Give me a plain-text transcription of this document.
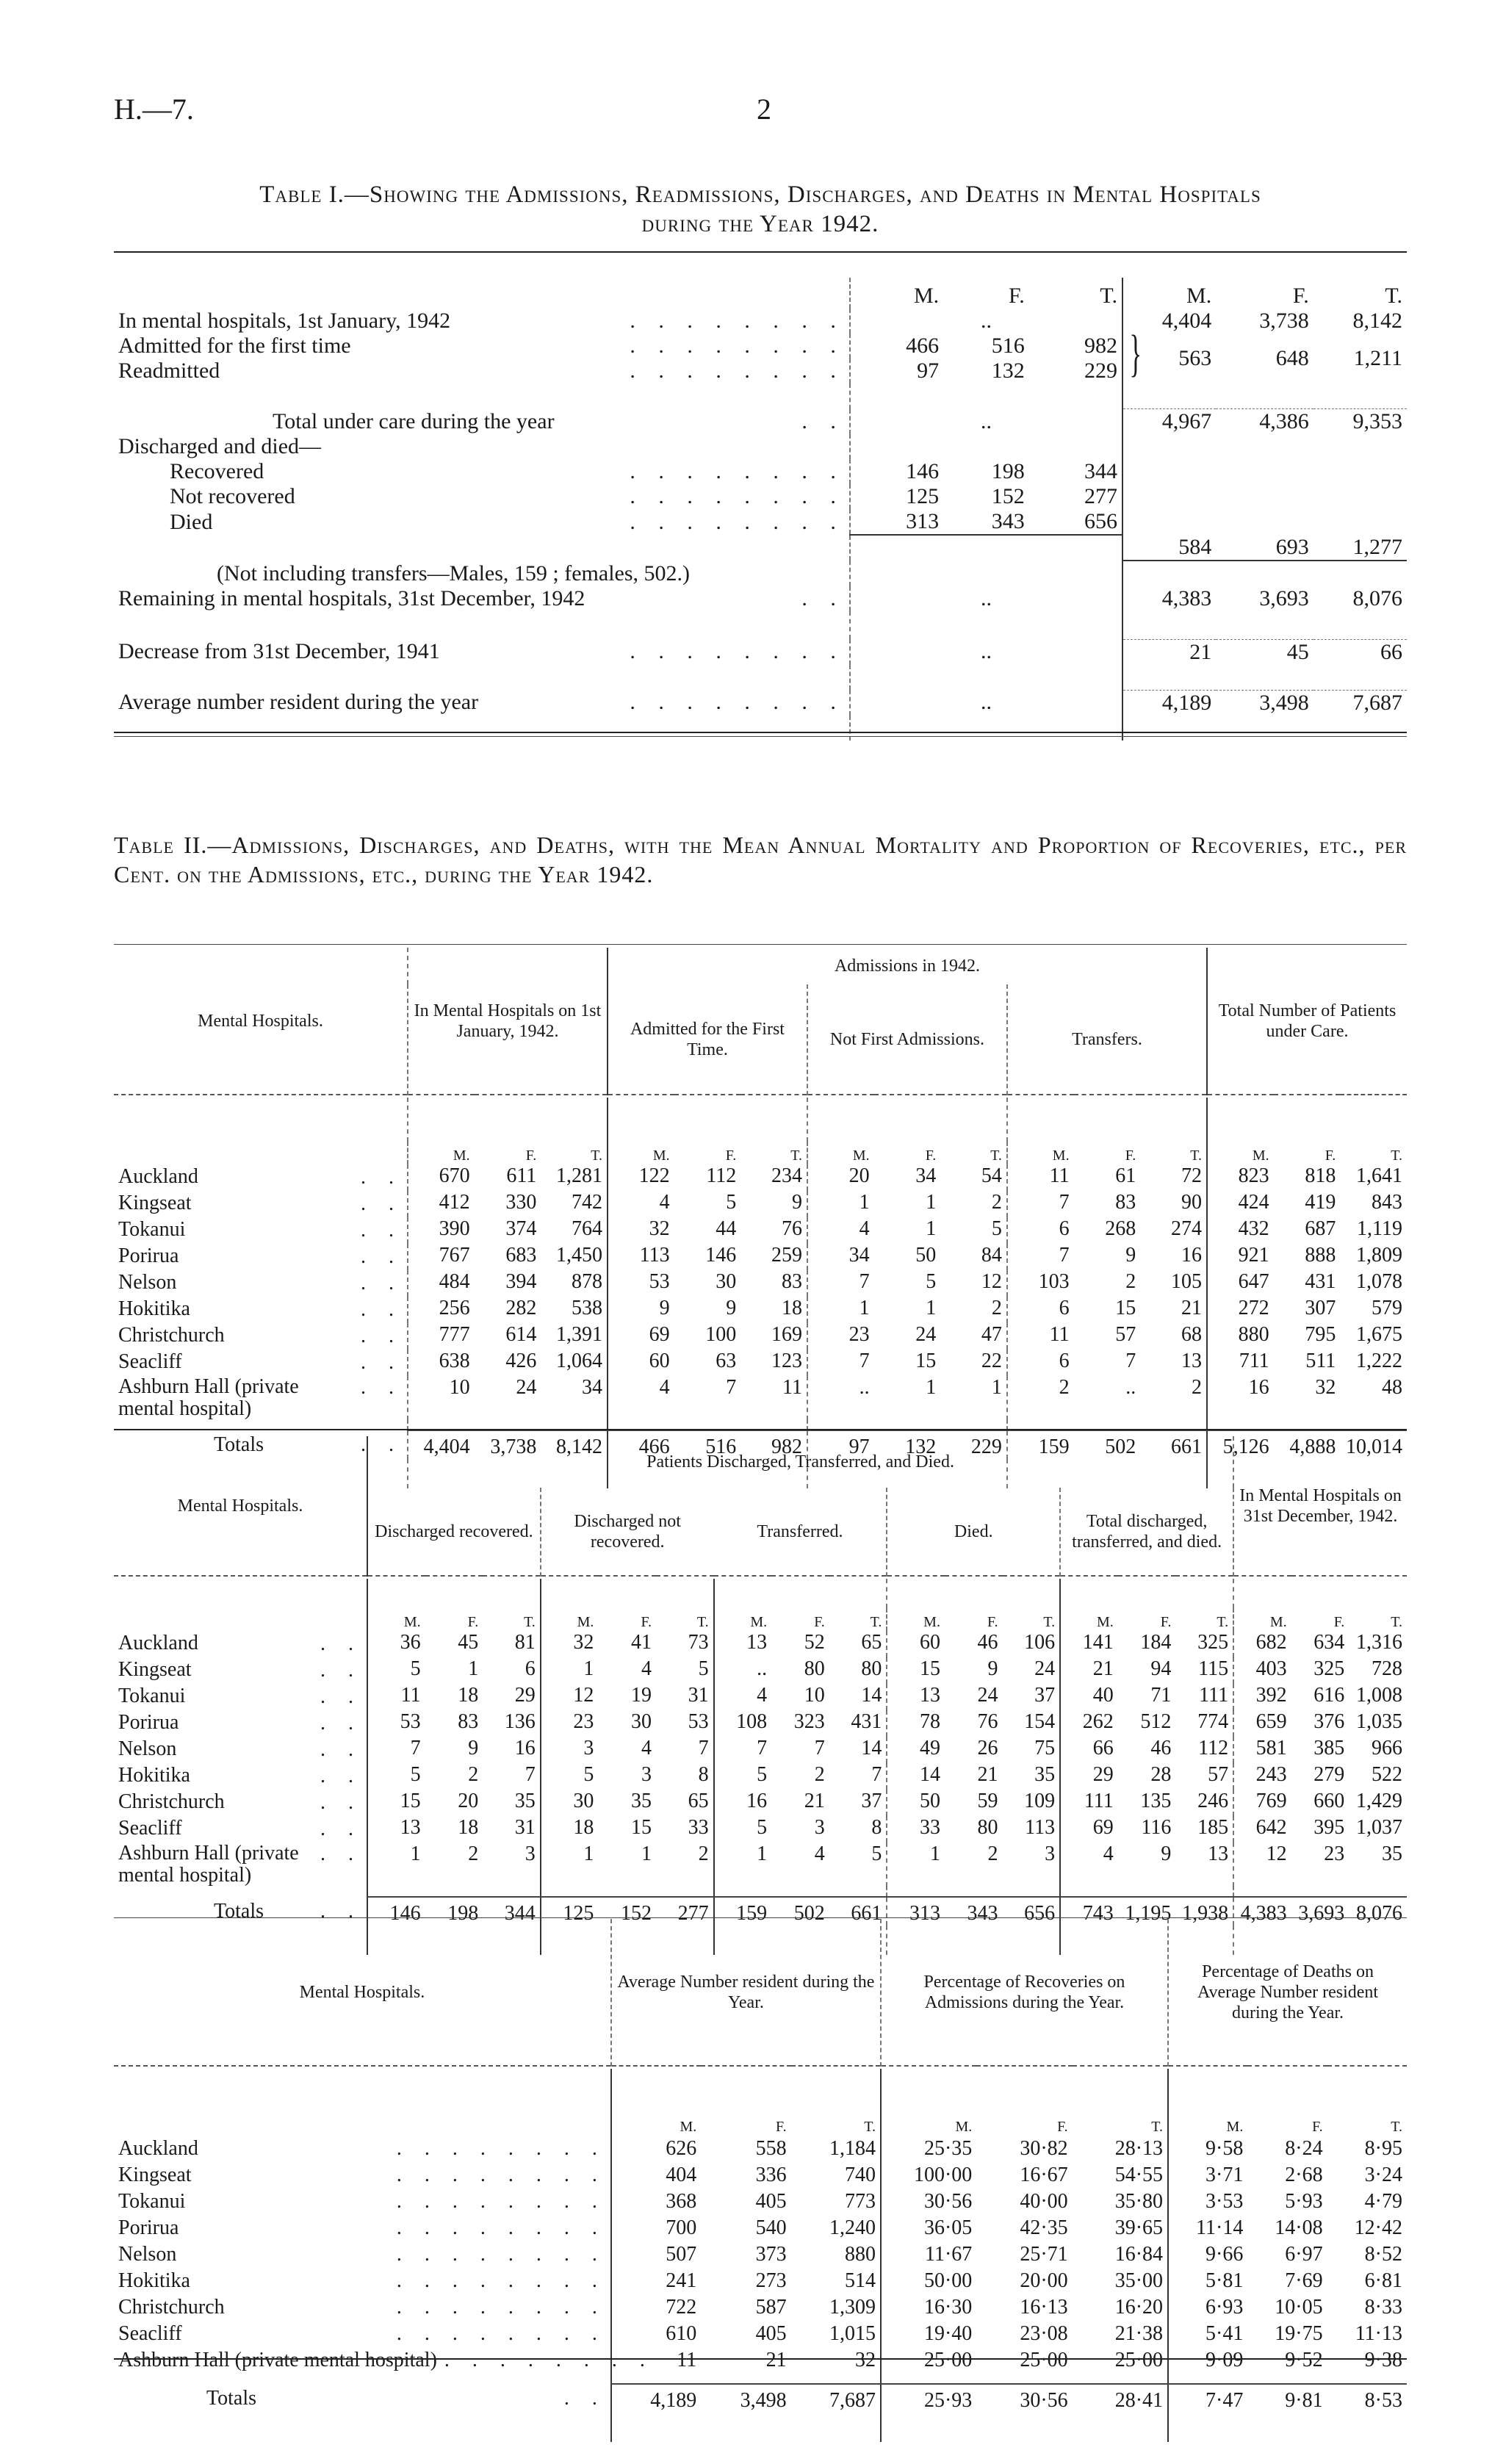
H.—7.	2
Table I.—Showing the Admissions, Readmissions, Discharges, and Deaths in Mental Hospitals
during the Year 1942.
	M.	F.	T.	M.	F.	T.

In mental hospitals, 1st January, 1942 . . . . . . . .		..		4,404	3,738	8,142

Admitted for the first time . . . . . . . .	466	516	982	} 563	648	1,211

Readmitted . . . . . . . .	97	132	229			

Total under care during the year . .		..		4,967	4,386	9,353
Discharged and died—						

Recovered . . . . . . . .	146	198	344			

Not recovered . . . . . . . .	125	152	277			

Died . . . . . . . .	313	343	656			
				584	693	1,277
(Not including transfers—Males, 159 ; females, 502.)						

Remaining in mental hospitals, 31st December, 1942 . .		..		4,383	3,693	8,076

Decrease from 31st December, 1941 . . . . . . . .		..		21	45	66

Average number resident during the year . . . . . . . .		..		4,189	3,498	7,687

Table II.—Admissions, Discharges, and Deaths, with the Mean Annual Mortality and Proportion of Recoveries, etc., per Cent. on the Admissions, etc., during the Year 1942.
Mental Hospitals.	In Mental Hospitals on 1st January, 1942.			Admissions in 1942.									Total Number of Patients under Care.		
				Admitted for the First Time.			Not First Admissions.			Transfers.					

	M.	F.	T.	M.	F.	T.	M.	F.	T.	M.	F.	T.	M.	F.	T.

Auckland . .	670	611	1,281	122	112	234	20	34	54	11	61	72	823	818	1,641

Kingseat . .	412	330	742	4	5	9	1	1	2	7	83	90	424	419	843

Tokanui . .	390	374	764	32	44	76	4	1	5	6	268	274	432	687	1,119

Porirua . .	767	683	1,450	113	146	259	34	50	84	7	9	16	921	888	1,809

Nelson . .	484	394	878	53	30	83	7	5	12	103	2	105	647	431	1,078

Hokitika . .	256	282	538	9	9	18	1	1	2	6	15	21	272	307	579

Christchurch . .	777	614	1,391	69	100	169	23	24	47	11	57	68	880	795	1,675

Seacliff . .	638	426	1,064	60	63	123	7	15	22	6	7	13	711	511	1,222

Ashburn Hall (private mental hospital)
. .	10	24	34	4	7	11	..	1	1	2	..	2	16	32	48

Totals . .	4,404	3,738	8,142	466	516	982	97	132	229	159	502	661	5,126	4,888	10,014

Mental Hospitals.	Patients Discharged, Transferred, and Died.															In Mental Hospitals on 31st December, 1942.		
	Discharged recovered.			Discharged not recovered.			Transferred.			Died.			Total discharged, transferred, and died.					

	M.	F.	T.	M.	F.	T.	M.	F.	T.	M.	F.	T.	M.	F.	T.	M.	F.	T.

Auckland . .	36	45	81	32	41	73	13	52	65	60	46	106	141	184	325	682	634	1,316

Kingseat . .	5	1	6	1	4	5	..	80	80	15	9	24	21	94	115	403	325	728

Tokanui . .	11	18	29	12	19	31	4	10	14	13	24	37	40	71	111	392	616	1,008

Porirua . .	53	83	136	23	30	53	108	323	431	78	76	154	262	512	774	659	376	1,035

Nelson . .	7	9	16	3	4	7	7	7	14	49	26	75	66	46	112	581	385	966

Hokitika . .	5	2	7	5	3	8	5	2	7	14	21	35	29	28	57	243	279	522

Christchurch . .	15	20	35	30	35	65	16	21	37	50	59	109	111	135	246	769	660	1,429

Seacliff . .	13	18	31	18	15	33	5	3	8	33	80	113	69	116	185	642	395	1,037

Ashburn Hall (private mental hospital)
. .	1	2	3	1	1	2	1	4	5	1	2	3	4	9	13	12	23	35

Totals . .	146	198	344	125	152	277	159	502	661	313	343	656	743	1,195	1,938	4,383	3,693	8,076

Mental Hospitals.	Average Number resident during the Year.			Percentage of Recoveries on Admissions during the Year.			Percentage of Deaths on Average Number resident during the Year.		

	M.	F.	T.	M.	F.	T.	M.	F.	T.

Auckland . . . . . . . .	626	558	1,184	25·35	30·82	28·13	9·58	8·24	8·95

Kingseat . . . . . . . .	404	336	740	100·00	16·67	54·55	3·71	2·68	3·24

Tokanui . . . . . . . .	368	405	773	30·56	40·00	35·80	3·53	5·93	4·79

Porirua . . . . . . . .	700	540	1,240	36·05	42·35	39·65	11·14	14·08	12·42

Nelson . . . . . . . .	507	373	880	11·67	25·71	16·84	9·66	6·97	8·52

Hokitika . . . . . . . .	241	273	514	50·00	20·00	35·00	5·81	7·69	6·81

Christchurch . . . . . . . .	722	587	1,309	16·30	16·13	16·20	6·93	10·05	8·33

Seacliff . . . . . . . .	610	405	1,015	19·40	23·08	21·38	5·41	19·75	11·13

Ashburn Hall (private mental hospital) . . . . . . . .	11	21	32	25·00	25·00	25·00	9·09	9·52	9·38

Totals . .	4,189	3,498	7,687	25·93	30·56	28·41	7·47	9·81	8·53
